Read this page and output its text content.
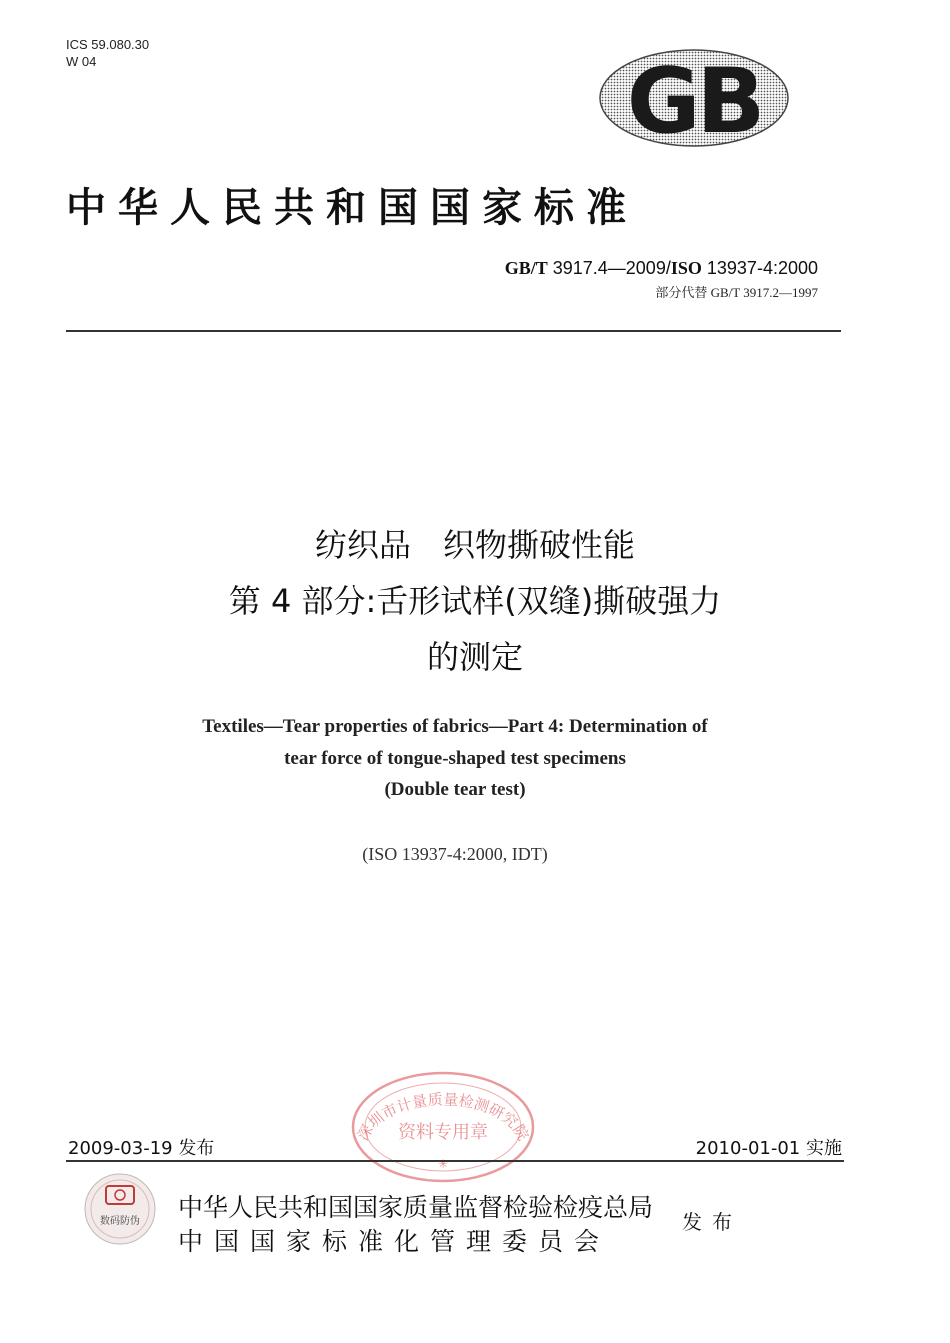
ICS 59.080.30
W 04	GB
中华人民共和国国家标准
GB/T 3917.4—2009/ISO 13937-4:2000
部分代替 GB/T 3917.2—1997
纺织品　织物撕破性能
第 4 部分:舌形试样(双缝)撕破强力
的测定
Textiles—Tear properties of fabrics—Part 4: Determination of
tear force of tongue-shaped test specimens
(Double tear test)
(ISO 13937-4:2000, IDT)
深圳市计量质量检测研究院
资料专用章
✳
2009-03-19 发布	2010-01-01 实施
数码防伪 中华人民共和国国家质量监督检验检疫总局
中国国家标准化管理委员会
发布
